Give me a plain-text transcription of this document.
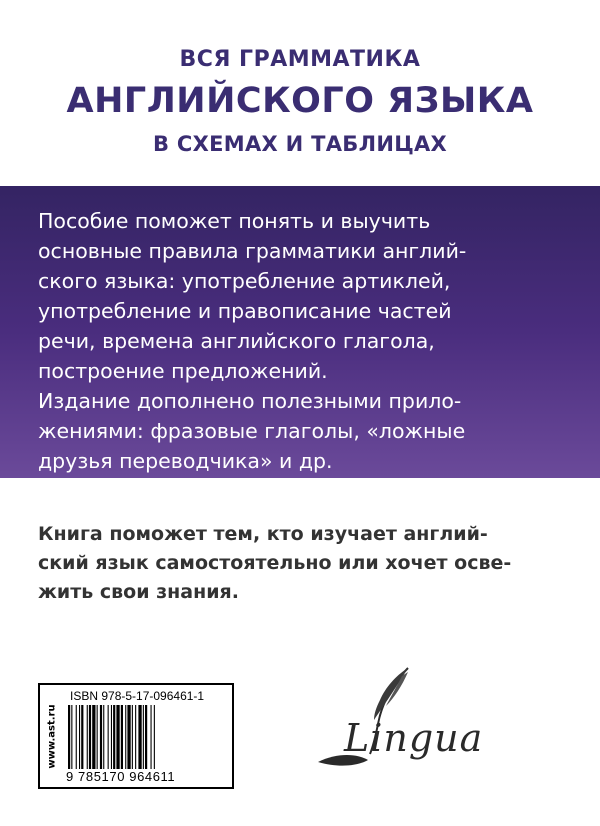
ВСЯ ГРАММАТИКА
АНГЛИЙСКОГО ЯЗЫКА
В СХЕМАХ И ТАБЛИЦАХ
Пособие поможет понять и выучить
основные правила грамматики англий-
ского языка: употребление артиклей,
употребление и правописание частей
речи, времена английского глагола,
построение предложений.
Издание дополнено полезными прило-
жениями: фразовые глаголы, «ложные
друзья переводчика» и др.
Книга поможет тем, кто изучает англий-
ский язык самостоятельно или хочет осве-
жить свои знания.
www.ast.ru
ISBN 978-5-17-096461-1
9 785170 964611
Lingua
